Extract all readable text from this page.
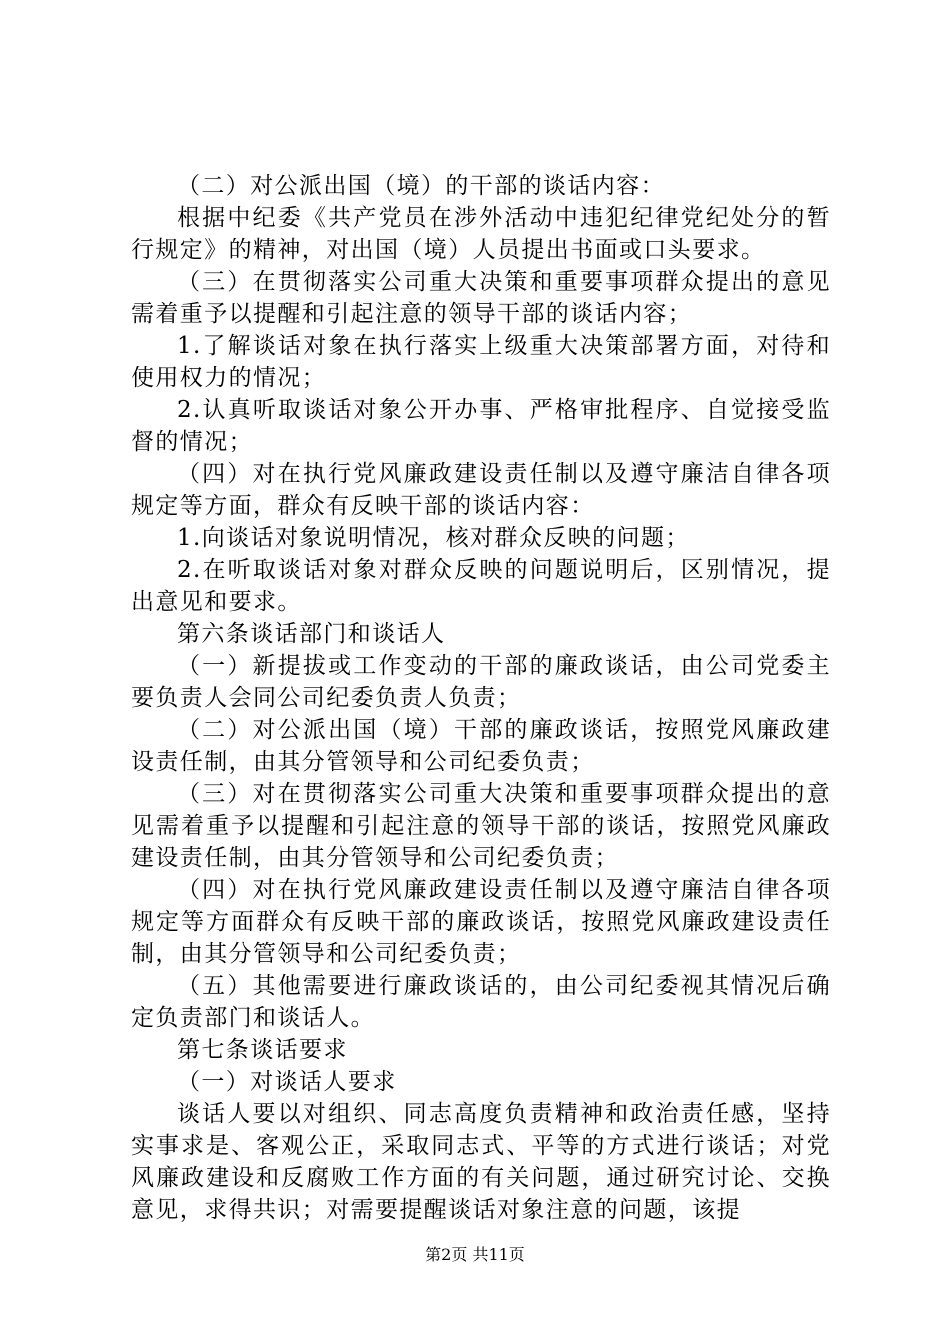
（二）对公派出国（境）的干部的谈话内容：

根据中纪委《共产党员在涉外活动中违犯纪律党纪处分的暂行规定》的精神，对出国（境）人员提出书面或口头要求。

（三）在贯彻落实公司重大决策和重要事项群众提出的意见需着重予以提醒和引起注意的领导干部的谈话内容；

1.了解谈话对象在执行落实上级重大决策部署方面，对待和使用权力的情况；

2.认真听取谈话对象公开办事、严格审批程序、自觉接受监督的情况；

（四）对在执行党风廉政建设责任制以及遵守廉洁自律各项规定等方面，群众有反映干部的谈话内容：

1.向谈话对象说明情况，核对群众反映的问题；

2.在听取谈话对象对群众反映的问题说明后，区别情况，提出意见和要求。

第六条谈话部门和谈话人

（一）新提拔或工作变动的干部的廉政谈话，由公司党委主要负责人会同公司纪委负责人负责；

（二）对公派出国（境）干部的廉政谈话，按照党风廉政建设责任制，由其分管领导和公司纪委负责；

（三）对在贯彻落实公司重大决策和重要事项群众提出的意见需着重予以提醒和引起注意的领导干部的谈话，按照党风廉政建设责任制，由其分管领导和公司纪委负责；

（四）对在执行党风廉政建设责任制以及遵守廉洁自律各项规定等方面群众有反映干部的廉政谈话，按照党风廉政建设责任制，由其分管领导和公司纪委负责；

（五）其他需要进行廉政谈话的，由公司纪委视其情况后确定负责部门和谈话人。

第七条谈话要求

（一）对谈话人要求

谈话人要以对组织、同志高度负责精神和政治责任感，坚持实事求是、客观公正，采取同志式、平等的方式进行谈话；对党风廉政建设和反腐败工作方面的有关问题，通过研究讨论、交换意见，求得共识；对需要提醒谈话对象注意的问题，该提

第2页 共11页
